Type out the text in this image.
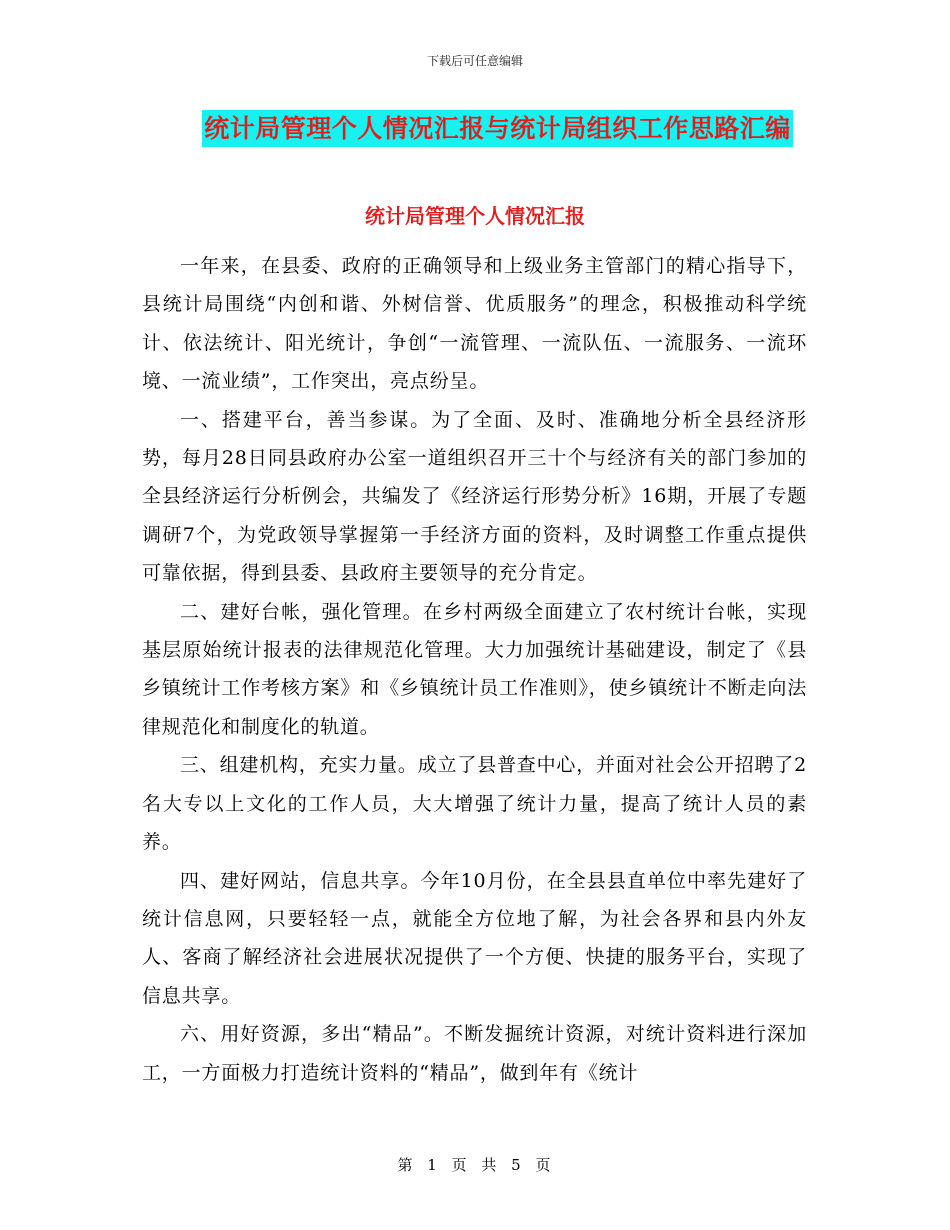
下载后可任意编辑
统计局管理个人情况汇报与统计局组织工作思路汇编
统计局管理个人情况汇报

一年来，在县委、政府的正确领导和上级业务主管部门的精心指导下，县统计局围绕“内创和谐、外树信誉、优质服务”的理念，积极推动科学统计、依法统计、阳光统计，争创“一流管理、一流队伍、一流服务、一流环境、一流业绩”，工作突出，亮点纷呈。

一、搭建平台，善当参谋。为了全面、及时、准确地分析全县经济形势，每月28日同县政府办公室一道组织召开三十个与经济有关的部门参加的全县经济运行分析例会，共编发了《经济运行形势分析》16期，开展了专题调研7个，为党政领导掌握第一手经济方面的资料，及时调整工作重点提供可靠依据，得到县委、县政府主要领导的充分肯定。

二、建好台帐，强化管理。在乡村两级全面建立了农村统计台帐，实现基层原始统计报表的法律规范化管理。大力加强统计基础建设，制定了《县乡镇统计工作考核方案》和《乡镇统计员工作准则》，使乡镇统计不断走向法律规范化和制度化的轨道。

三、组建机构，充实力量。成立了县普查中心，并面对社会公开招聘了2名大专以上文化的工作人员，大大增强了统计力量，提高了统计人员的素养。

四、建好网站，信息共享。今年10月份，在全县县直单位中率先建好了统计信息网，只要轻轻一点，就能全方位地了解，为社会各界和县内外友人、客商了解经济社会进展状况提供了一个方便、快捷的服务平台，实现了信息共享。

六、用好资源，多出“精品”。不断发掘统计资源，对统计资料进行深加工，一方面极力打造统计资料的“精品”，做到年有《统计

第 1 页 共 5 页
